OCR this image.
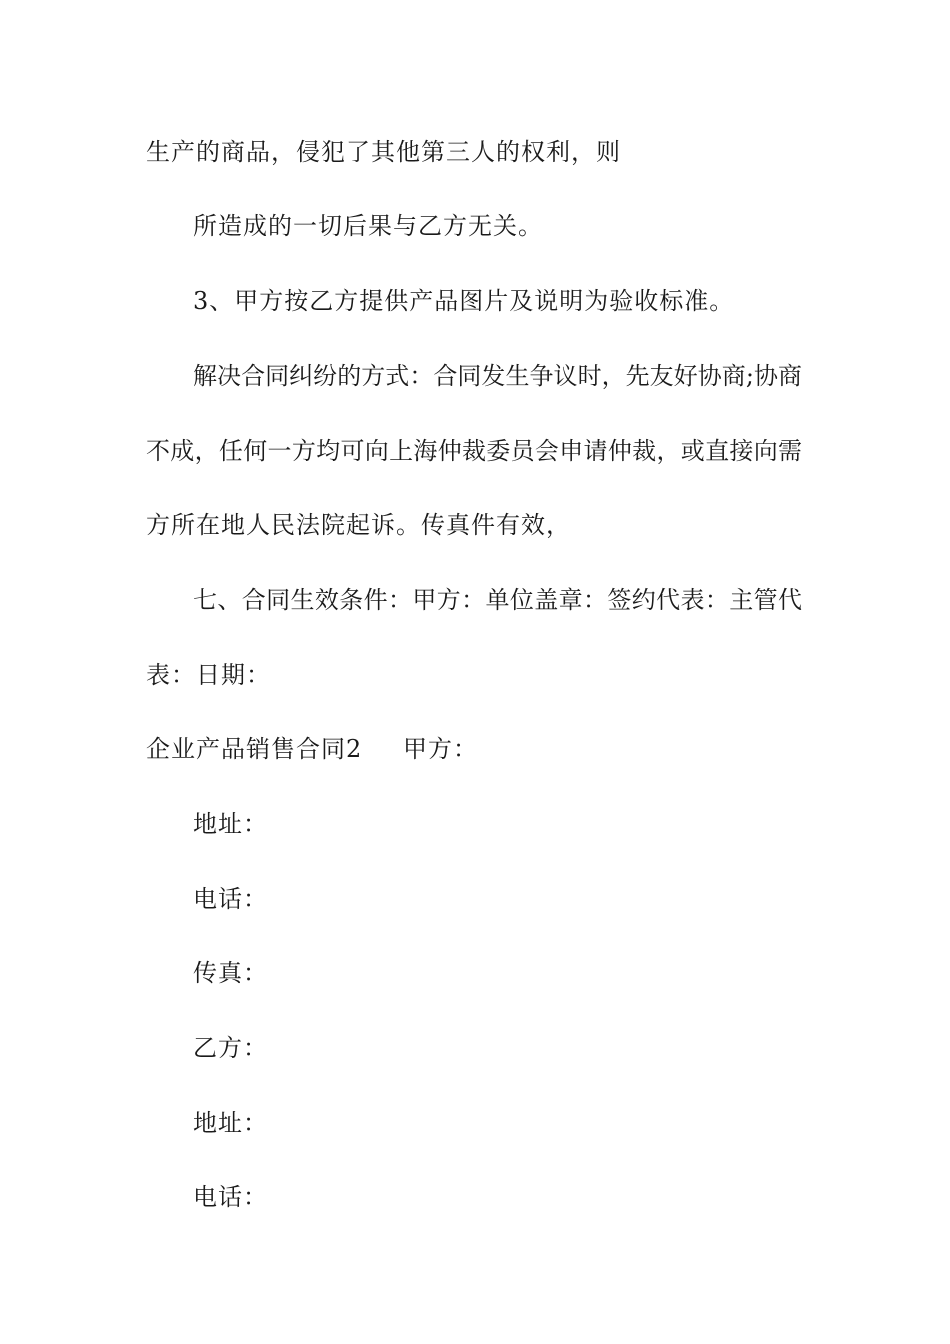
生产的商品，侵犯了其他第三人的权利，则
所造成的一切后果与乙方无关。
3、甲方按乙方提供产品图片及说明为验收标准。
解决合同纠纷的方式：合同发生争议时，先友好协商;协商
不成，任何一方均可向上海仲裁委员会申请仲裁，或直接向需
方所在地人民法院起诉。传真件有效，
七、合同生效条件：甲方：单位盖章：签约代表：主管代
表：日期：
企业产品销售合同2 甲方：
地址：
电话：
传真：
乙方：
地址：
电话：
